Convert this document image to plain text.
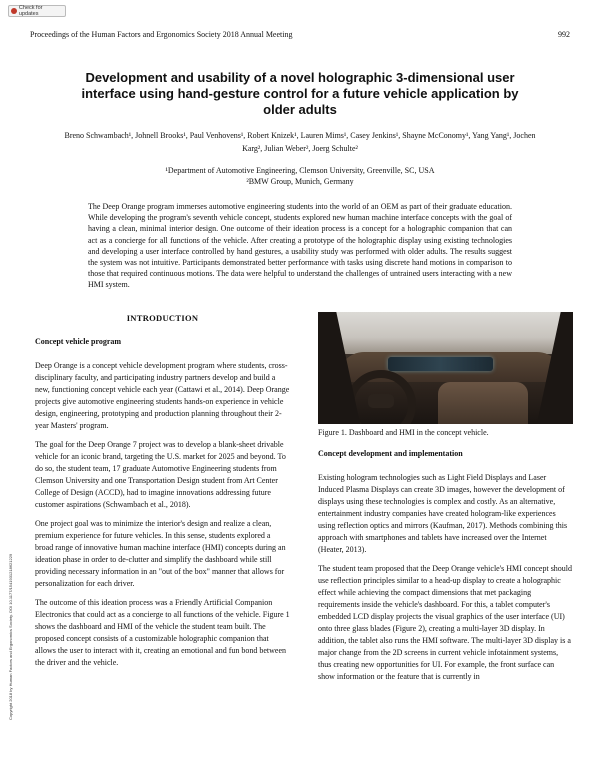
Check for updates
Proceedings of the Human Factors and Ergonomics Society 2018 Annual Meeting	992
Copyright 2018 by Human Factors and Ergonomics Society. DOI 10.1177/1541931218621229
Development and usability of a novel holographic 3-dimensional user interface using hand-gesture control for a future vehicle application by older adults
Breno Schwambach¹, Johnell Brooks¹, Paul Venhovens¹, Robert Knizek¹, Lauren Mims¹, Casey Jenkins¹, Shayne McConomy¹, Yang Yang¹, Jochen Karg², Julian Weber², Joerg Schulte²
¹Department of Automotive Engineering, Clemson University, Greenville, SC, USA
²BMW Group, Munich, Germany
The Deep Orange program immerses automotive engineering students into the world of an OEM as part of their graduate education. While developing the program's seventh vehicle concept, students explored new human machine interface concepts with the goal of having a clean, minimal interior design. One outcome of their ideation process is a concept for a holographic companion that can act as a concierge for all functions of the vehicle. After creating a prototype of the holographic display using existing technologies and developing a user interface controlled by hand gestures, a usability study was performed with older adults. The results suggest the system was not intuitive. Participants demonstrated better performance with tasks using discrete hand motions in comparison to those that required continuous motions. The data were helpful to understand the challenges of untrained users interacting with a new HMI system.
INTRODUCTION
Concept vehicle program

Deep Orange is a concept vehicle development program where students, cross-disciplinary faculty, and participating industry partners develop and build a new, functioning concept vehicle each year (Cattawi et al., 2014). Deep Orange projects give automotive engineering students hands-on experience in vehicle design, engineering, prototyping and production planning throughout their 2-year Masters' program.

The goal for the Deep Orange 7 project was to develop a blank-sheet drivable vehicle for an iconic brand, targeting the U.S. market for 2025 and beyond. To do so, the student team, 17 graduate Automotive Engineering students from Clemson University and one Transportation Design student from Art Center College of Design (ACCD), had to imagine innovations addressing future customer aspirations (Schwambach et al., 2018).

One project goal was to minimize the interior's design and realize a clean, premium experience for future vehicles. In this sense, students explored a broad range of innovative human machine interface (HMI) concepts during an ideation phase in order to de-clutter and simplify the dashboard while still providing necessary information in an "out of the box" manner that allows for personalization for each driver.

The outcome of this ideation process was a Friendly Artificial Companion Electronics that could act as a concierge to all functions of the vehicle. Figure 1 shows the dashboard and HMI of the vehicle the student team built. The proposed concept consists of a customizable holographic companion that allows the user to interact with it, creating an emotional and fun bond between the driver and the vehicle.

Figure 1. Dashboard and HMI in the concept vehicle.
Concept development and implementation

Existing hologram technologies such as Light Field Displays and Laser Induced Plasma Displays can create 3D images, however the development of displays using these technologies is complex and costly. As an alternative, entertainment industry companies have created hologram-like experiences using reflection optics and mirrors (Kaufman, 2017). Methods combining this approach with smartphones and tablets have increased over the Internet (Heater, 2013).

The student team proposed that the Deep Orange vehicle's HMI concept should use reflection principles similar to a head-up display to create a holographic effect while achieving the compact dimensions that met packaging requirements inside the vehicle's dashboard. For this, a tablet computer's embedded LCD display projects the visual graphics of the user interface (UI) onto three glass blades (Figure 2), creating a multi-layer 3D display. In addition, the tablet also runs the HMI software. The multi-layer 3D display is a major change from the 2D screens in current vehicle infotainment systems, thus creating new opportunities for UI. For example, the front surface can show information or the feature that is currently in
